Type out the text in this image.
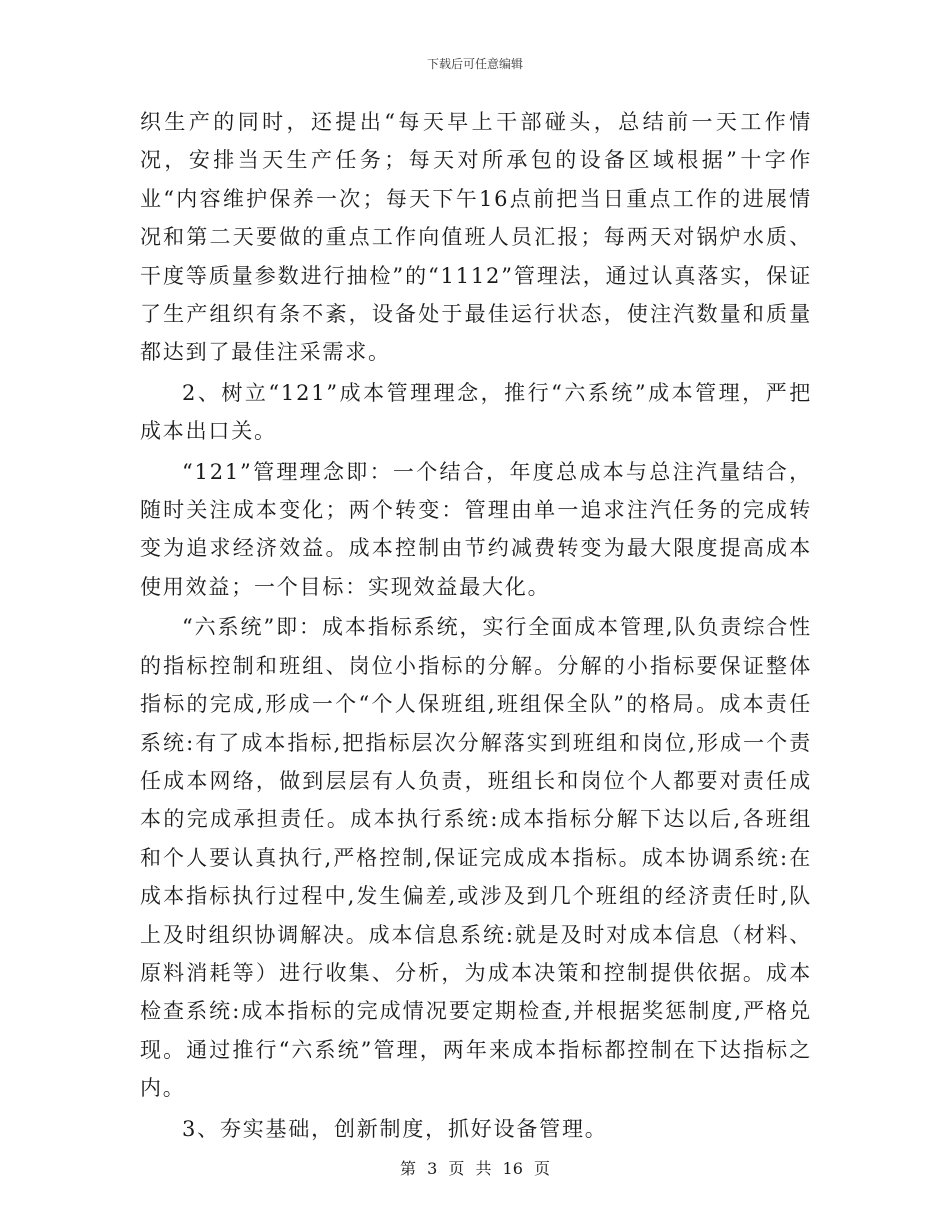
下载后可任意编辑

织生产的同时，还提出“每天早上干部碰头，总结前一天工作情况，安排当天生产任务；每天对所承包的设备区域根据”十字作业“内容维护保养一次；每天下午16点前把当日重点工作的进展情况和第二天要做的重点工作向值班人员汇报；每两天对锅炉水质、干度等质量参数进行抽检”的“1112”管理法，通过认真落实，保证了生产组织有条不紊，设备处于最佳运行状态，使注汽数量和质量都达到了最佳注采需求。

2、树立“121”成本管理理念，推行“六系统”成本管理，严把成本出口关。

“121”管理理念即：一个结合，年度总成本与总注汽量结合，随时关注成本变化；两个转变：管理由单一追求注汽任务的完成转变为追求经济效益。成本控制由节约减费转变为最大限度提高成本使用效益；一个目标：实现效益最大化。

“六系统”即：成本指标系统，实行全面成本管理,队负责综合性的指标控制和班组、岗位小指标的分解。分解的小指标要保证整体指标的完成,形成一个“个人保班组,班组保全队”的格局。成本责任系统:有了成本指标,把指标层次分解落实到班组和岗位,形成一个责任成本网络，做到层层有人负责，班组长和岗位个人都要对责任成本的完成承担责任。成本执行系统:成本指标分解下达以后,各班组和个人要认真执行,严格控制,保证完成成本指标。成本协调系统:在成本指标执行过程中,发生偏差,或涉及到几个班组的经济责任时,队上及时组织协调解决。成本信息系统:就是及时对成本信息（材料、原料消耗等）进行收集、分析，为成本决策和控制提供依据。成本检查系统:成本指标的完成情况要定期检查,并根据奖惩制度,严格兑现。通过推行“六系统”管理，两年来成本指标都控制在下达指标之内。

3、夯实基础，创新制度，抓好设备管理。

第 3 页 共 16 页
